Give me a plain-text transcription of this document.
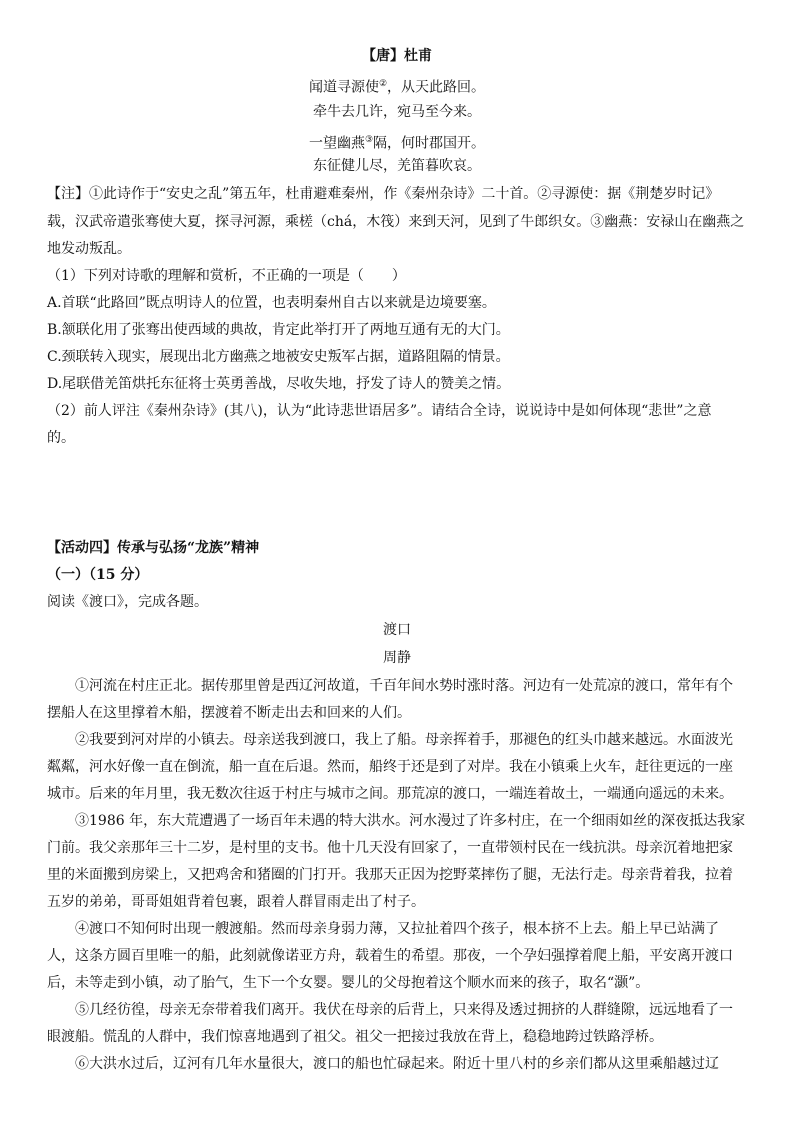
【唐】杜甫
闻道寻源使②，从天此路回。
牵牛去几许，宛马至今来。
一望幽燕③隔，何时郡国开。
东征健儿尽，羌笛暮吹哀。
【注】①此诗作于“安史之乱”第五年，杜甫避难秦州，作《秦州杂诗》二十首。②寻源使：据《荆楚岁时记》
载，汉武帝遣张骞使大夏，探寻河源，乘槎（chá，木筏）来到天河，见到了牛郎织女。③幽燕：安禄山在幽燕之
地发动叛乱。
（1）下列对诗歌的理解和赏析，不正确的一项是（　　）
A.首联“此路回”既点明诗人的位置，也表明秦州自古以来就是边境要塞。
B.颔联化用了张骞出使西域的典故，肯定此举打开了两地互通有无的大门。
C.颈联转入现实，展现出北方幽燕之地被安史叛军占据，道路阻隔的情景。
D.尾联借羌笛烘托东征将士英勇善战，尽收失地，抒发了诗人的赞美之情。
（2）前人评注《秦州杂诗》(其八)，认为“此诗悲世语居多”。请结合全诗，说说诗中是如何体现“悲世”之意
的。
【活动四】传承与弘扬“龙族”精神
（一）（15 分）
阅读《渡口》，完成各题。
渡口
周静
①河流在村庄正北。据传那里曾是西辽河故道，千百年间水势时涨时落。河边有一处荒凉的渡口，常年有个
摆船人在这里撑着木船，摆渡着不断走出去和回来的人们。
②我要到河对岸的小镇去。母亲送我到渡口，我上了船。母亲挥着手，那褪色的红头巾越来越远。水面波光
粼粼，河水好像一直在倒流，船一直在后退。然而，船终于还是到了对岸。我在小镇乘上火车，赶往更远的一座
城市。后来的年月里，我无数次往返于村庄与城市之间。那荒凉的渡口，一端连着故土，一端通向遥远的未来。
③1986 年，东大荒遭遇了一场百年未遇的特大洪水。河水漫过了许多村庄，在一个细雨如丝的深夜抵达我家
门前。我父亲那年三十二岁，是村里的支书。他十几天没有回家了，一直带领村民在一线抗洪。母亲沉着地把家
里的米面搬到房梁上，又把鸡舍和猪圈的门打开。我那天正因为挖野菜摔伤了腿，无法行走。母亲背着我，拉着
五岁的弟弟，哥哥姐姐背着包裹，跟着人群冒雨走出了村子。
④渡口不知何时出现一艘渡船。然而母亲身弱力薄，又拉扯着四个孩子，根本挤不上去。船上早已站满了
人，这条方圆百里唯一的船，此刻就像诺亚方舟，载着生的希望。那夜，一个孕妇强撑着爬上船，平安离开渡口
后，未等走到小镇，动了胎气，生下一个女婴。婴儿的父母抱着这个顺水而来的孩子，取名“灏”。
⑤几经彷徨，母亲无奈带着我们离开。我伏在母亲的后背上，只来得及透过拥挤的人群缝隙，远远地看了一
眼渡船。慌乱的人群中，我们惊喜地遇到了祖父。祖父一把接过我放在背上，稳稳地跨过铁路浮桥。
⑥大洪水过后，辽河有几年水量很大，渡口的船也忙碌起来。附近十里八村的乡亲们都从这里乘船越过辽
